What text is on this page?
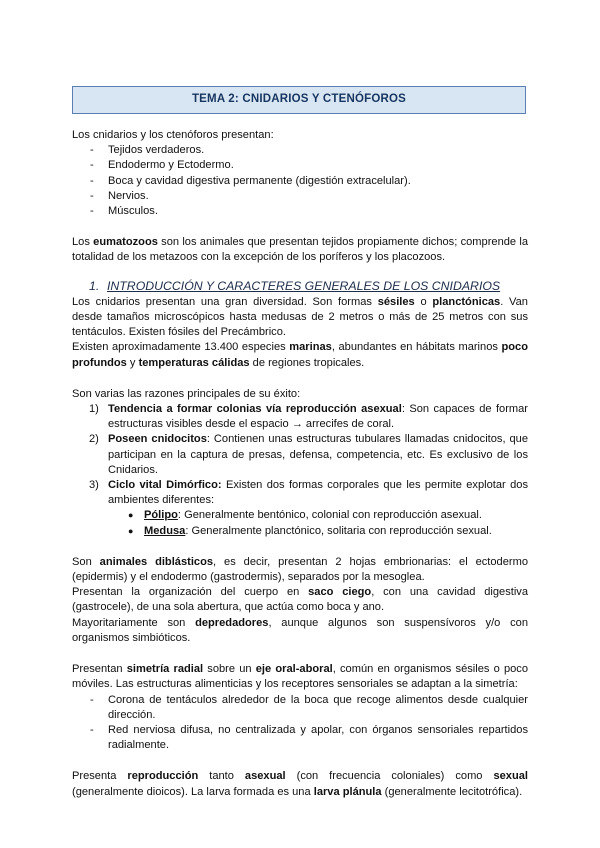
TEMA 2: CNIDARIOS Y CTENÓFOROS

Los cnidarios y los ctenóforos presentan:

- Tejidos verdaderos.
- Endodermo y Ectodermo.
- Boca y cavidad digestiva permanente (digestión extracelular).
- Nervios.
- Músculos.

Los eumatozoos son los animales que presentan tejidos propiamente dichos; comprende la totalidad de los metazoos con la excepción de los poríferos y los placozoos.

1. INTRODUCCIÓN Y CARACTERES GENERALES DE LOS CNIDARIOS

Los cnidarios presentan una gran diversidad. Son formas sésiles o planctónicas. Van desde tamaños microscópicos hasta medusas de 2 metros o más de 25 metros con sus tentáculos. Existen fósiles del Precámbrico.

Existen aproximadamente 13.400 especies marinas, abundantes en hábitats marinos poco profundos y temperaturas cálidas de regiones tropicales.

Son varias las razones principales de su éxito:

1) Tendencia a formar colonias vía reproducción asexual: Son capaces de formar estructuras visibles desde el espacio → arrecifes de coral.
2) Poseen cnidocitos: Contienen unas estructuras tubulares llamadas cnidocitos, que participan en la captura de presas, defensa, competencia, etc. Es exclusivo de los Cnidarios.
3) Ciclo vital Dimórfico: Existen dos formas corporales que les permite explotar dos ambientes diferentes:
● Pólipo: Generalmente bentónico, colonial con reproducción asexual.
● Medusa: Generalmente planctónico, solitaria con reproducción sexual.

Son animales diblásticos, es decir, presentan 2 hojas embrionarias: el ectodermo (epidermis) y el endodermo (gastrodermis), separados por la mesoglea.

Presentan la organización del cuerpo en saco ciego, con una cavidad digestiva (gastrocele), de una sola abertura, que actúa como boca y ano.

Mayoritariamente son depredadores, aunque algunos son suspensívoros y/o con organismos simbióticos.

Presentan simetría radial sobre un eje oral-aboral, común en organismos sésiles o poco móviles. Las estructuras alimenticias y los receptores sensoriales se adaptan a la simetría:

- Corona de tentáculos alrededor de la boca que recoge alimentos desde cualquier dirección.
- Red nerviosa difusa, no centralizada y apolar, con órganos sensoriales repartidos radialmente.

Presenta reproducción tanto asexual (con frecuencia coloniales) como sexual (generalmente dioicos). La larva formada es una larva plánula (generalmente lecitotrófica).
